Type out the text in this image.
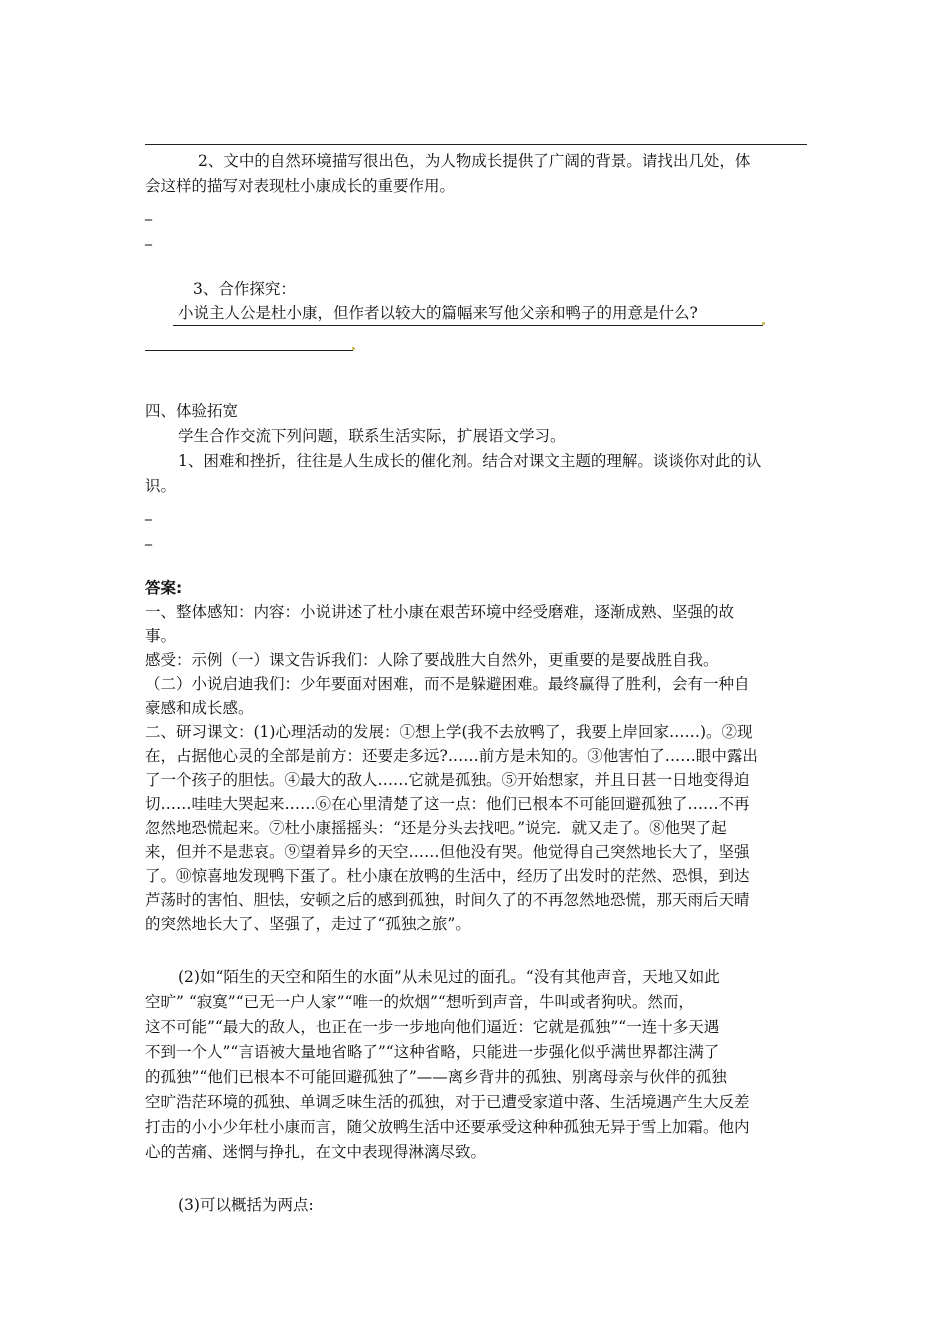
2、文中的自然环境描写很出色，为人物成长提供了广阔的背景。请找出几处，体
会这样的描写对表现杜小康成长的重要作用。
_
_
3、合作探究：
小说主人公是杜小康，但作者以较大的篇幅来写他父亲和鸭子的用意是什么?
四、体验拓宽
学生合作交流下列问题，联系生活实际，扩展语文学习。
1、困难和挫折，往往是人生成长的催化剂。结合对课文主题的理解。谈谈你对此的认
识。
_
_
答案:
一、整体感知：内容：小说讲述了杜小康在艰苦环境中经受磨难，逐渐成熟、坚强的故
事。
感受：示例（一）课文告诉我们：人除了要战胜大自然外，更重要的是要战胜自我。
（二）小说启迪我们：少年要面对困难，而不是躲避困难。最终赢得了胜利，会有一种自
豪感和成长感。
二、研习课文：(1)心理活动的发展：①想上学(我不去放鸭了，我要上岸回家……)。②现
在，占据他心灵的全部是前方：还要走多远?……前方是未知的。③他害怕了……眼中露出
了一个孩子的胆怯。④最大的敌人……它就是孤独。⑤开始想家，并且日甚一日地变得迫
切……哇哇大哭起来……⑥在心里清楚了这一点：他们已根本不可能回避孤独了……不再
忽然地恐慌起来。⑦杜小康摇摇头：“还是分头去找吧。”说完．就又走了。⑧他哭了起
来，但并不是悲哀。⑨望着异乡的天空……但他没有哭。他觉得自己突然地长大了，坚强
了。⑩惊喜地发现鸭下蛋了。杜小康在放鸭的生活中，经历了出发时的茫然、恐惧，到达
芦荡时的害怕、胆怯，安顿之后的感到孤独，时间久了的不再忽然地恐慌，那天雨后天晴
的突然地长大了、坚强了，走过了“孤独之旅”。
(2)如“陌生的天空和陌生的水面”从未见过的面孔。“没有其他声音，天地又如此
空旷” “寂寞”“已无一户人家”“唯一的炊烟”“想听到声音，牛叫或者狗吠。然而，
这不可能”“最大的敌人，也正在一步一步地向他们逼近：它就是孤独”“一连十多天遇
不到一个人”“言语被大量地省略了”“这种省略，只能进一步强化似乎满世界都注满了
的孤独”“他们已根本不可能回避孤独了”——离乡背井的孤独、别离母亲与伙伴的孤独
空旷浩茫环境的孤独、单调乏味生活的孤独，对于已遭受家道中落、生活境遇产生大反差
打击的小小少年杜小康而言，随父放鸭生活中还要承受这种种孤独无异于雪上加霜。他内
心的苦痛、迷惘与挣扎，在文中表现得淋漓尽致。
(3)可以概括为两点:
